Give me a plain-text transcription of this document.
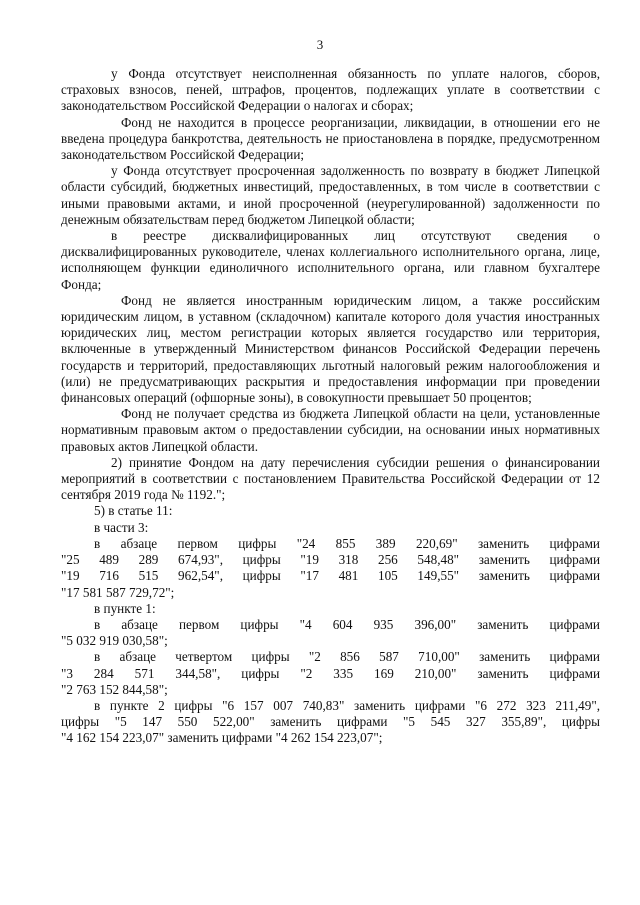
3

у Фонда отсутствует неисполненная обязанность по уплате налогов, сборов, страховых взносов, пеней, штрафов, процентов, подлежащих уплате в соответствии с законодательством Российской Федерации о налогах и сборах;

Фонд не находится в процессе реорганизации, ликвидации, в отношении его не введена процедура банкротства, деятельность не приостановлена в порядке, предусмотренном законодательством Российской Федерации;

у Фонда отсутствует просроченная задолженность по возврату в бюджет Липецкой области субсидий, бюджетных инвестиций, предоставленных, в том числе в соответствии с иными правовыми актами, и иной просроченной (неурегулированной) задолженности по денежным обязательствам перед бюджетом Липецкой области;

в реестре дисквалифицированных лиц отсутствуют сведения о дисквалифицированных руководителе, членах коллегиального исполнительного органа, лице, исполняющем функции единоличного исполнительного органа, или главном бухгалтере Фонда;

Фонд не является иностранным юридическим лицом, а также российским юридическим лицом, в уставном (складочном) капитале которого доля участия иностранных юридических лиц, местом регистрации которых является государство или территория, включенные в утвержденный Министерством финансов Российской Федерации перечень государств и территорий, предоставляющих льготный налоговый режим налогообложения и (или) не предусматривающих раскрытия и предоставления информации при проведении финансовых операций (офшорные зоны), в совокупности превышает 50 процентов;

Фонд не получает средства из бюджета Липецкой области на цели, установленные нормативным правовым актом о предоставлении субсидии, на основании иных нормативных правовых актов Липецкой области.

2) принятие Фондом на дату перечисления субсидии решения о финансировании мероприятий в соответствии с постановлением Правительства Российской Федерации от 12 сентября 2019 года № 1192.";

5) в статье 11:

в части 3:

в абзаце первом цифры "24 855 389 220,69" заменить цифрами
"25 489 289 674,93", цифры "19 318 256 548,48" заменить цифрами
"19 716 515 962,54", цифры "17 481 105 149,55" заменить цифрами
"17 581 587 729,72";

в пункте 1:

в абзаце первом цифры "4 604 935 396,00" заменить цифрами
"5 032 919 030,58";
в абзаце четвертом цифры "2 856 587 710,00" заменить цифрами
"3 284 571 344,58", цифры "2 335 169 210,00" заменить цифрами
"2 763 152 844,58";
в пункте 2 цифры "6 157 007 740,83" заменить цифрами "6 272 323 211,49",
цифры "5 147 550 522,00" заменить цифрами "5 545 327 355,89", цифры
"4 162 154 223,07" заменить цифрами "4 262 154 223,07";
